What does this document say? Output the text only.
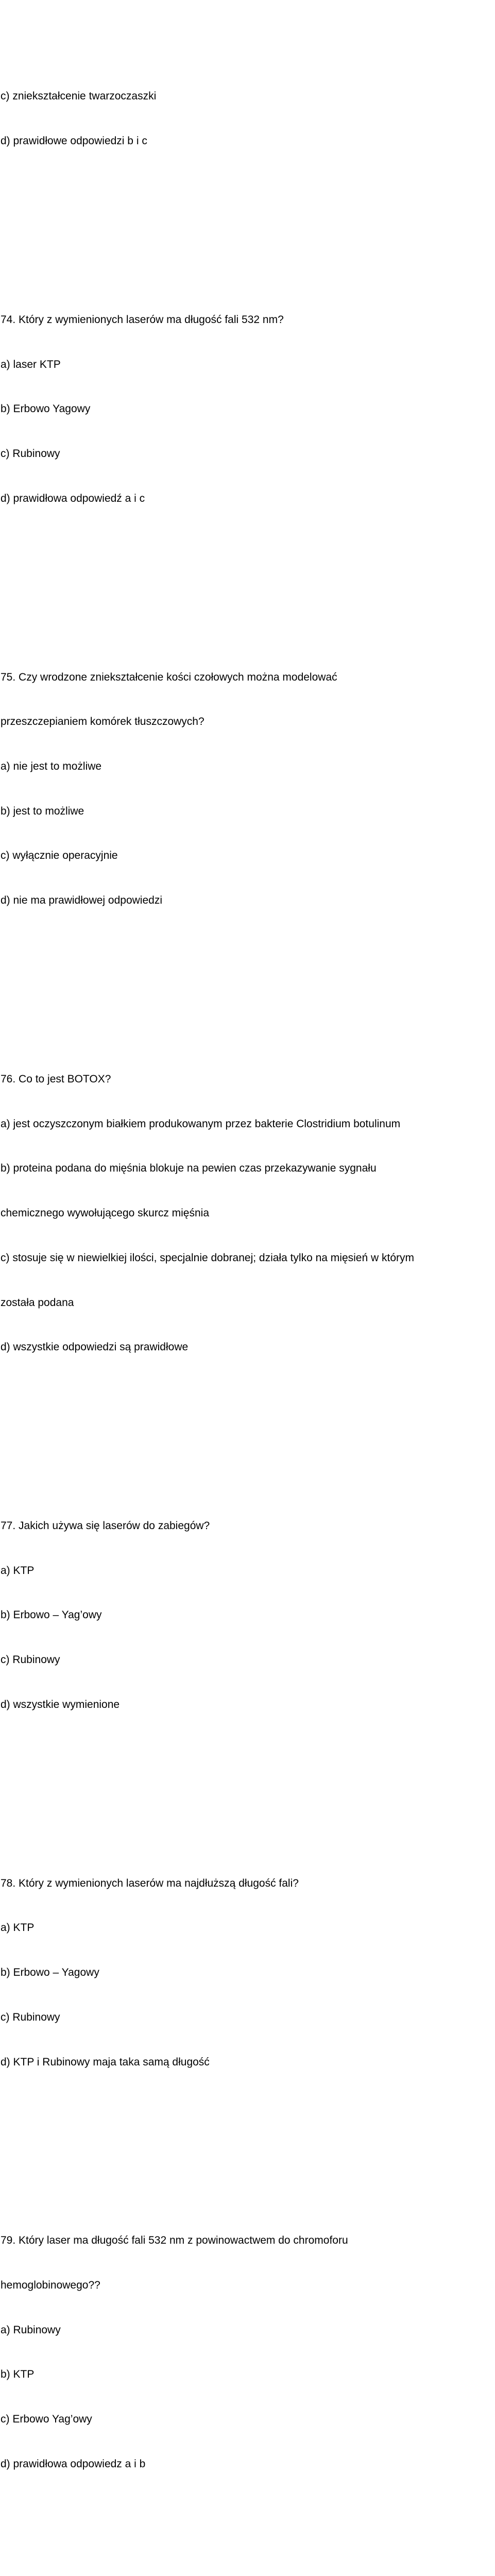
c) zniekształcenie twarzoczaszki

d) prawidłowe odpowiedzi b i c

74. Który z wymienionych laserów ma długość fali 532 nm?

a) laser KTP

b) Erbowo Yagowy

c) Rubinowy

d) prawidłowa odpowiedź a i c

75. Czy wrodzone zniekształcenie kości czołowych można modelować

przeszczepianiem komórek tłuszczowych?

a) nie jest to możliwe

b) jest to możliwe

c) wyłącznie operacyjnie

d) nie ma prawidłowej odpowiedzi

76. Co to jest BOTOX?

a) jest oczyszczonym białkiem produkowanym przez bakterie Clostridium botulinum

b) proteina podana do mięśnia blokuje na pewien czas przekazywanie sygnału

chemicznego wywołującego skurcz mięśnia

c) stosuje się w niewielkiej ilości, specjalnie dobranej; działa tylko na mięsień w którym

została podana

d) wszystkie odpowiedzi są prawidłowe

77. Jakich używa się laserów do zabiegów?

a) KTP

b) Erbowo – Yag’owy

c) Rubinowy

d) wszystkie wymienione

78. Który z wymienionych laserów ma najdłuższą długość fali?

a) KTP

b) Erbowo – Yagowy

c) Rubinowy

d) KTP i Rubinowy maja taka samą długość

79. Który laser ma długość fali 532 nm z powinowactwem do chromoforu

hemoglobinowego??

a) Rubinowy

b) KTP

c) Erbowo Yag’owy

d) prawidłowa odpowiedz a i b
